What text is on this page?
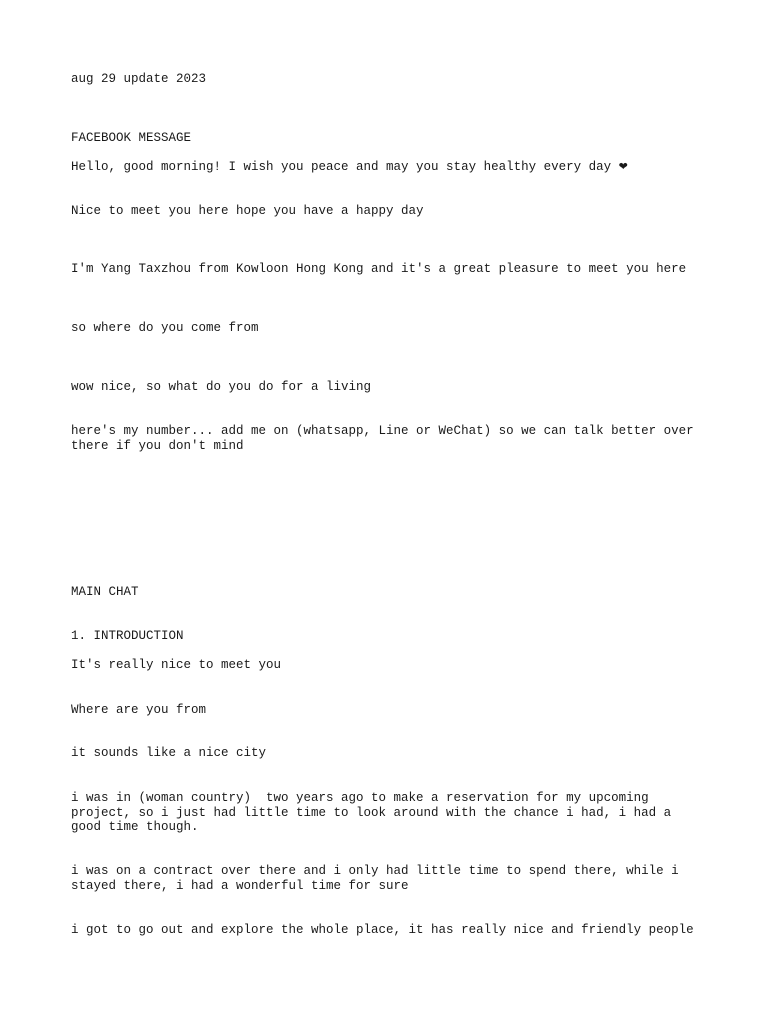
aug 29 update 2023

FACEBOOK MESSAGE

Hello, good morning! I wish you peace and may you stay healthy every day ❤

Nice to meet you here hope you have a happy day

I'm Yang Taxzhou from Kowloon Hong Kong and it's a great pleasure to meet you here

so where do you come from

wow nice, so what do you do for a living

here's my number... add me on (whatsapp, Line or WeChat) so we can talk better over there if you don't mind

MAIN CHAT

1. INTRODUCTION

It's really nice to meet you

Where are you from

it sounds like a nice city

i was in (woman country)  two years ago to make a reservation for my upcoming project, so i just had little time to look around with the chance i had, i had a good time though.

i was on a contract over there and i only had little time to spend there, while i stayed there, i had a wonderful time for sure

i got to go out and explore the whole place, it has really nice and friendly people
